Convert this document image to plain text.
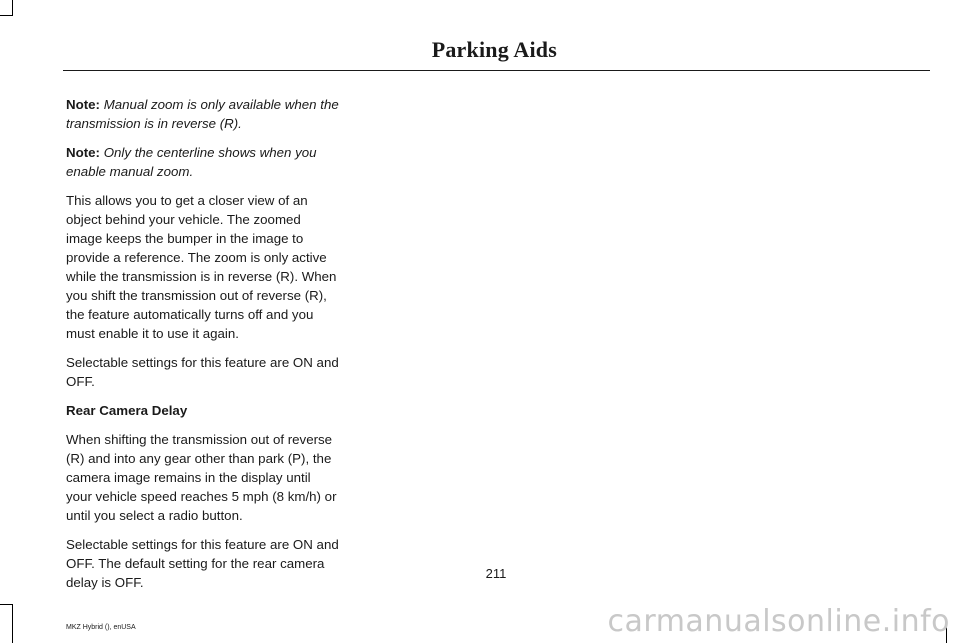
Parking Aids

Note: Manual zoom is only available when the transmission is in reverse (R).

Note: Only the centerline shows when you enable manual zoom.

This allows you to get a closer view of an object behind your vehicle. The zoomed image keeps the bumper in the image to provide a reference. The zoom is only active while the transmission is in reverse (R). When you shift the transmission out of reverse (R), the feature automatically turns off and you must enable it to use it again.

Selectable settings for this feature are ON and OFF.

Rear Camera Delay

When shifting the transmission out of reverse (R) and into any gear other than park (P), the camera image remains in the display until your vehicle speed reaches 5 mph (8 km/h) or until you select a radio button.

Selectable settings for this feature are ON and OFF. The default setting for the rear camera delay is OFF.

211
MKZ Hybrid (), enUSA	carmanualsonline.info
